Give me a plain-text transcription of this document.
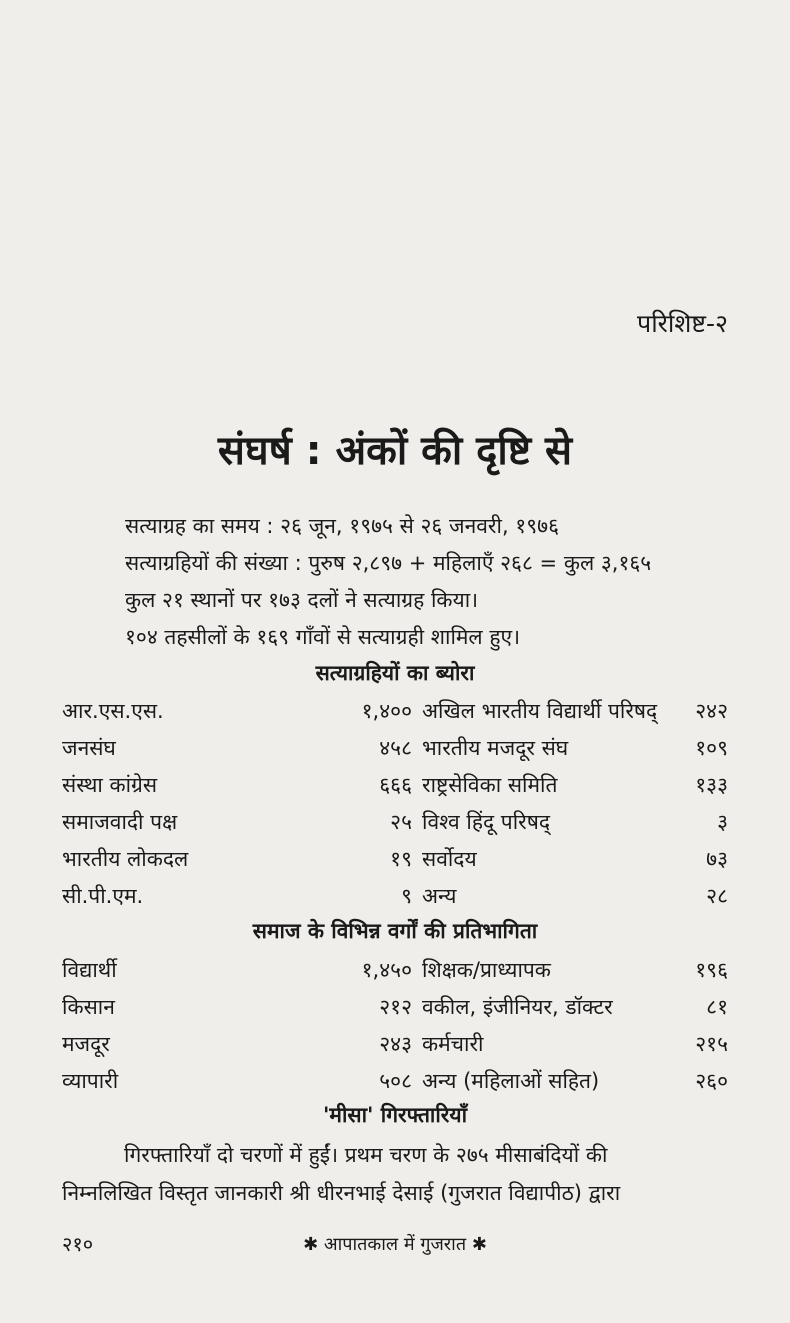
परिशिष्ट-२
संघर्ष : अंकों की दृष्टि से
सत्याग्रह का समय : २६ जून, १९७५ से २६ जनवरी, १९७६
सत्याग्रहियों की संख्या : पुरुष २,८९७ + महिलाएँ २६८ = कुल ३,१६५
कुल २१ स्थानों पर १७३ दलों ने सत्याग्रह किया।
१०४ तहसीलों के १६९ गाँवों से सत्याग्रही शामिल हुए।
सत्याग्रहियों का ब्योरा
आर.एस.एस.	१,४०० अखिल भारतीय विद्यार्थी परिषद् २४२
जनसंघ	४५८ भारतीय मजदूर संघ	१०९
संस्था कांग्रेस	६६६ राष्ट्रसेविका समिति	१३३
समाजवादी पक्ष	२५ विश्व हिंदू परिषद्	३
भारतीय लोकदल	१९ सर्वोदय	७३
सी.पी.एम.	९ अन्य	२८
समाज के विभिन्न वर्गों की प्रतिभागिता
विद्यार्थी	१,४५० शिक्षक/प्राध्यापक	१९६
किसान	२१२ वकील, इंजीनियर, डॉक्टर	८१
मजदूर	२४३ कर्मचारी	२१५
व्यापारी	५०८ अन्य (महिलाओं सहित)	२६०
'मीसा' गिरफ्तारियाँ
गिरफ्तारियाँ दो चरणों में हुईं। प्रथम चरण के २७५ मीसाबंदियों की
निम्नलिखित विस्तृत जानकारी श्री धीरनभाई देसाई (गुजरात विद्यापीठ) द्वारा
२१०	✱ आपातकाल में गुजरात ✱
